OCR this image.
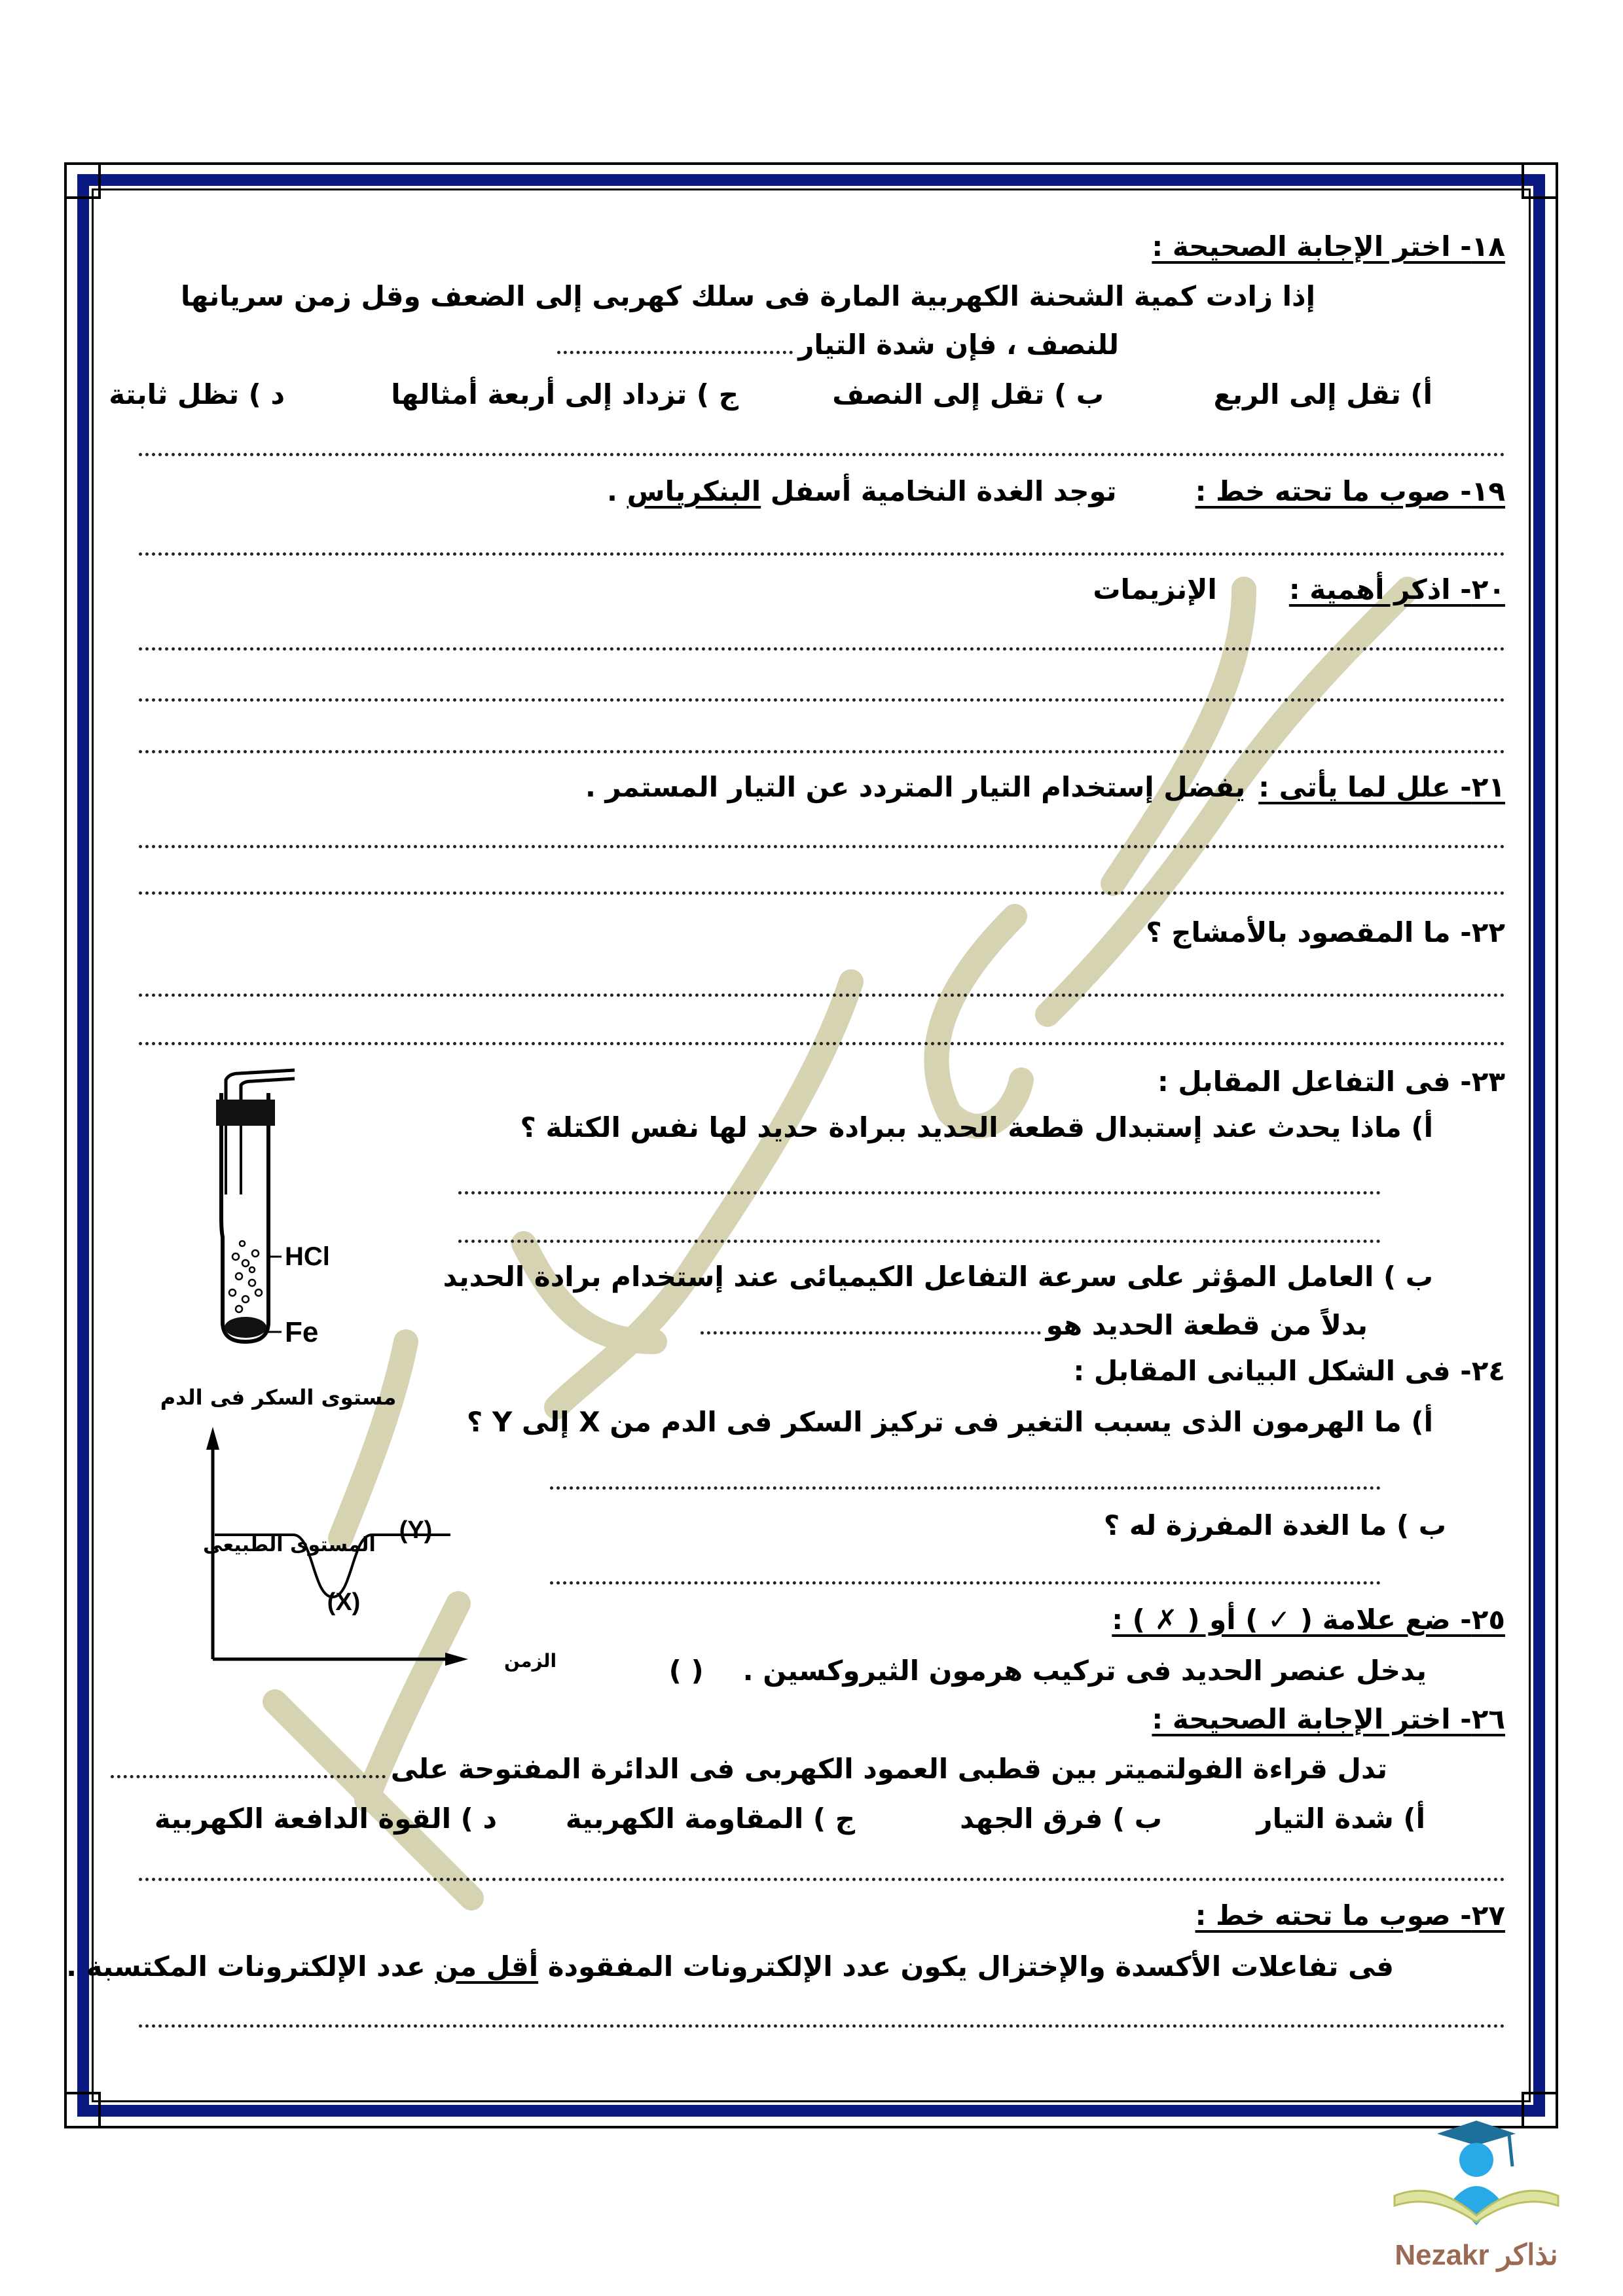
١٨- اختر الإجابة الصحيحة :
إذا زادت كمية الشحنة الكهربية المارة فى سلك كهربى إلى الضعف وقل زمن سريانها
للنصف ، فإن شدة التيار
أ) تقل إلى الربع
ب ) تقل إلى النصف
ج ) تزداد إلى أربعة أمثالها
د ) تظل ثابتة
١٩- صوب ما تحته خط :توجد الغدة النخامية أسفل البنكرياس .
٢٠- اذكر أهمية :الإنزيمات
٢١- علل لما يأتى :يفضل إستخدام التيار المتردد عن التيار المستمر .
٢٢- ما المقصود بالأمشاج ؟
٢٣- فى التفاعل المقابل :
أ) ماذا يحدث عند إستبدال قطعة الحديد ببرادة حديد لها نفس الكتلة ؟
ب ) العامل المؤثر على سرعة التفاعل الكيميائى عند إستخدام برادة الحديد
بدلاً من قطعة الحديد هو
HCl
Fe
٢٤- فى الشكل البيانى المقابل :
أ) ما الهرمون الذى يسبب التغير فى تركيز السكر فى الدم من X إلى Y ؟
ب ) ما الغدة المفرزة له ؟
مستوى السكر فى الدم
الزمن
المستوى الطبيعى
(X)
(Y)
٢٥- ضع علامة ( ✓ ) أو ( ✗ ) :
يدخل عنصر الحديد فى تركيب هرمون الثيروكسين .( )
٢٦- اختر الإجابة الصحيحة :
تدل قراءة الفولتميتر بين قطبى العمود الكهربى فى الدائرة المفتوحة على
أ) شدة التيار
ب ) فرق الجهد
ج ) المقاومة الكهربية
د ) القوة الدافعة الكهربية
٢٧- صوب ما تحته خط :
فى تفاعلات الأكسدة والإختزال يكون عدد الإلكترونات المفقودة أقل من عدد الإلكترونات المكتسبة .
Nezakr نذاكر
